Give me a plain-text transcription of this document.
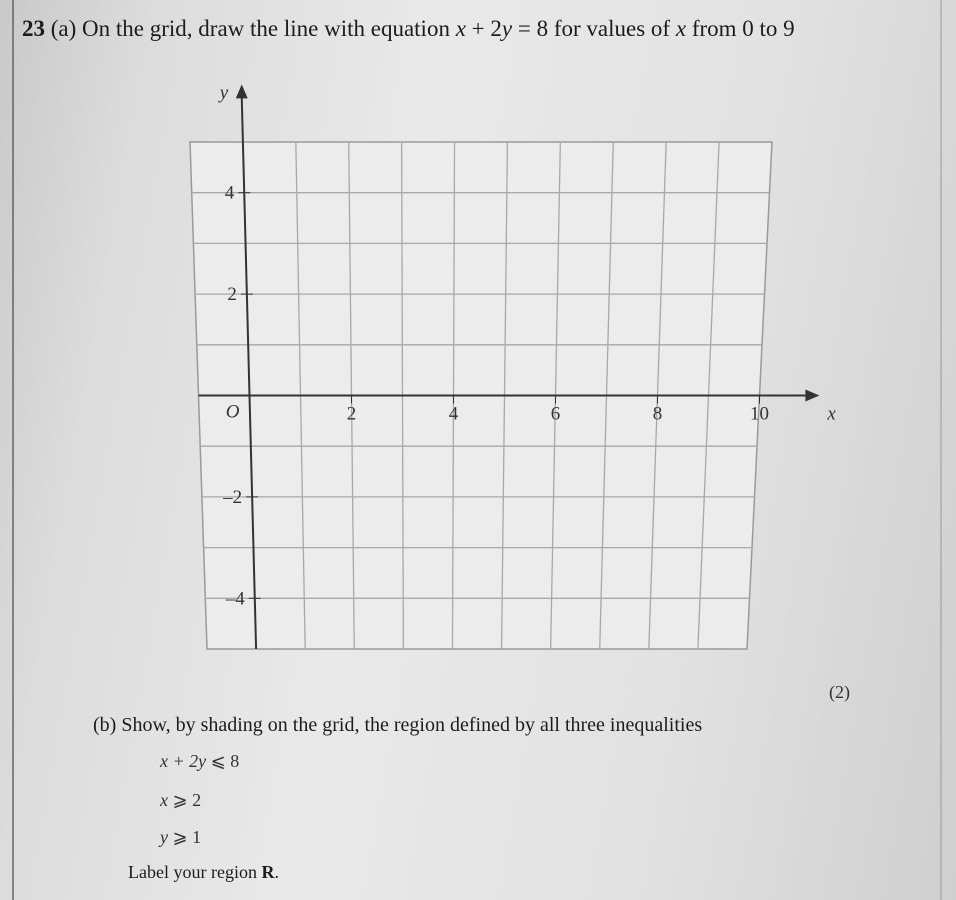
23 (a) On the grid, draw the line with equation x + 2y = 8 for values of x from 0 to 9
2	4	6	8	10
4
2
–2
–4
O	x
y
(2)
(b) Show, by shading on the grid, the region defined by all three inequalities
x + 2y ⩽ 8
x ⩾ 2
y ⩾ 1
Label your region R.
